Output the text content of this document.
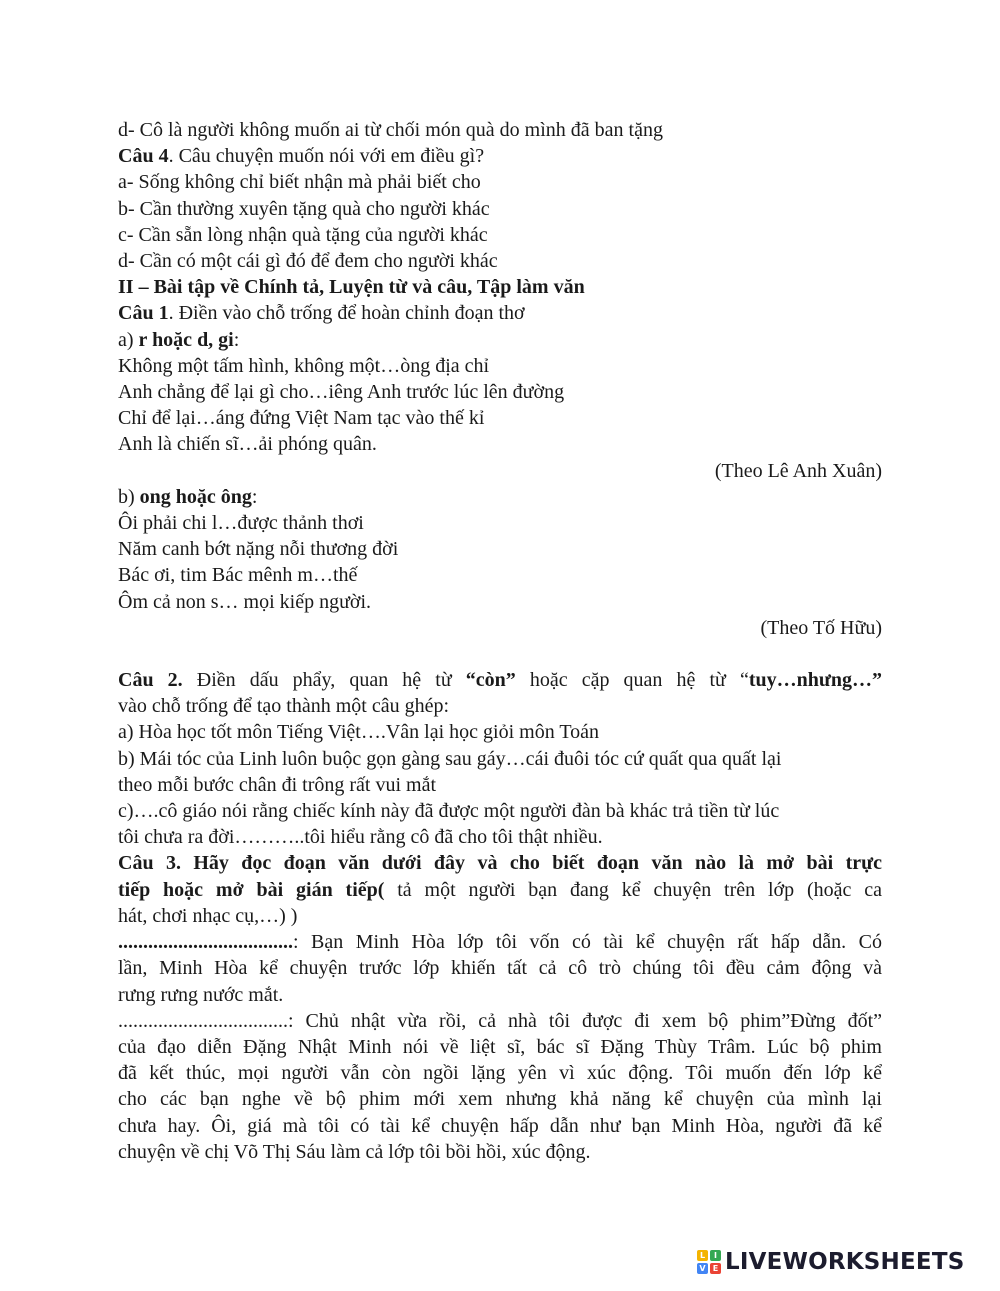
d- Cô là người không muốn ai từ chối món quà do mình đã ban tặng
Câu 4. Câu chuyện muốn nói với em điều gì?
a- Sống không chỉ biết nhận mà phải biết cho
b- Cần thường xuyên tặng quà cho người khác
c- Cần sẵn lòng nhận quà tặng của người khác
d- Cần có một cái gì đó để đem cho người khác
II – Bài tập về Chính tả, Luyện từ và câu, Tập làm văn
Câu 1. Điền vào chỗ trống để hoàn chỉnh đoạn thơ
a) r hoặc d, gi:
Không một tấm hình, không một…òng địa chỉ
Anh chẳng để lại gì cho…iêng Anh trước lúc lên đường
Chỉ để lại…áng đứng Việt Nam tạc vào thế kỉ
Anh là chiến sĩ…ải phóng quân.
(Theo Lê Anh Xuân)
b) ong hoặc ông:
Ôi phải chi l…được thảnh thơi
Năm canh bớt nặng nỗi thương đời
Bác ơi, tim Bác mênh m…thế
Ôm cả non s… mọi kiếp người.
(Theo Tố Hữu)
Câu 2. Điền dấu phẩy, quan hệ từ “còn” hoặc cặp quan hệ từ “tuy…nhưng…”
vào chỗ trống để tạo thành một câu ghép:
a) Hòa học tốt môn Tiếng Việt….Vân lại học giỏi môn Toán
b) Mái tóc của Linh luôn buộc gọn gàng sau gáy…cái đuôi tóc cứ quất qua quất lại
theo mỗi bước chân đi trông rất vui mắt
c)….cô giáo nói rằng chiếc kính này đã được một người đàn bà khác trả tiền từ lúc
tôi chưa ra đời………..tôi hiểu rằng cô đã cho tôi thật nhiều.
Câu 3. Hãy đọc đoạn văn dưới đây và cho biết đoạn văn nào là mở bài trực
tiếp hoặc mở bài gián tiếp( tả một người bạn đang kể chuyện trên lớp (hoặc ca
hát, chơi nhạc cụ,…) )
...................................: Bạn Minh Hòa lớp tôi vốn có tài kể chuyện rất hấp dẫn. Có
lần, Minh Hòa kể chuyện trước lớp khiến tất cả cô trò chúng tôi đều cảm động và
rưng rưng nước mắt.
..................................: Chủ nhật vừa rồi, cả nhà tôi được đi xem bộ phim”Đừng đốt”
của đạo diễn Đặng Nhật Minh nói về liệt sĩ, bác sĩ Đặng Thùy Trâm. Lúc bộ phim
đã kết thúc, mọi người vẫn còn ngồi lặng yên vì xúc động. Tôi muốn đến lớp kể
cho các bạn nghe về bộ phim mới xem nhưng khả năng kể chuyện của mình lại
chưa hay. Ôi, giá mà tôi có tài kể chuyện hấp dẫn như bạn Minh Hòa, người đã kể
chuyện về chị Võ Thị Sáu làm cả lớp tôi bồi hồi, xúc động.
L	I
V E LIVEWORKSHEETS
